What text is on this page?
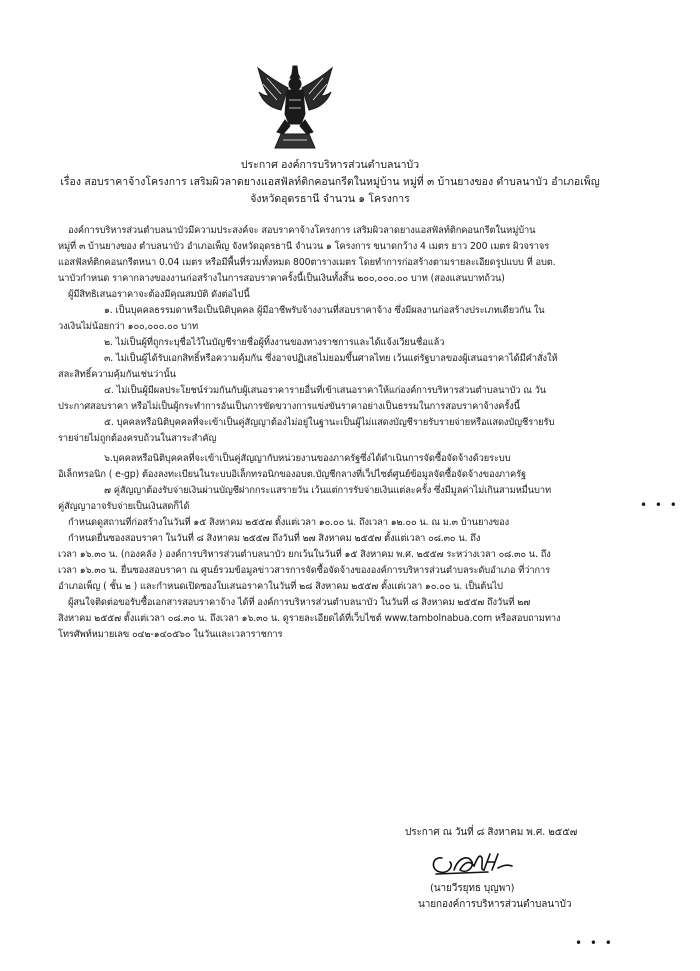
ประกาศ องค์การบริหารส่วนตำบลนาบัว
เรื่อง สอบราคาจ้างโครงการ เสริมผิวลาดยางแอสฟัลท์ติกคอนกรีตในหมู่บ้าน หมู่ที่ ๓ บ้านยางของ ตำบลนาบัว อำเภอเพ็ญ
จังหวัดอุดรธานี จำนวน ๑ โครงการ
องค์การบริหารส่วนตำบลนาบัวมีความประสงค์จะ สอบราคาจ้างโครงการ เสริมผิวลาดยางแอสฟัลท์ติกคอนกรีตในหมู่บ้าน
หมู่ที่ ๓ บ้านยางของ ตำบลนาบัว อำเภอเพ็ญ จังหวัดอุดรธานี จำนวน ๑ โครงการ ขนาดกว้าง 4 เมตร ยาว 200 เมตร ผิวจราจร
แอสฟัลท์ติกคอนกรีตหนา 0.04 เมตร หรือมีพื้นที่รวมทั้งหมด 800ตารางเมตร โดยทำการก่อสร้างตามรายละเอียดรูปแบบ ที่ อบต.
นาบัวกำหนด ราคากลางของงานก่อสร้างในการสอบราคาครั้งนี้เป็นเงินทั้งสิ้น ๒๐๐,๐๐๐.๐๐ บาท (สองแสนบาทถ้วน)
ผู้มีสิทธิเสนอราคาจะต้องมีคุณสมบัติ ดังต่อไปนี้
๑. เป็นบุคคลธรรมดาหรือเป็นนิติบุคคล ผู้มีอาชีพรับจ้างงานที่สอบราคาจ้าง ซึ่งมีผลงานก่อสร้างประเภทเดียวกัน ใน
วงเงินไม่น้อยกว่า ๑๐๐,๐๐๐.๐๐ บาท
๒. ไม่เป็นผู้ที่ถูกระบุชื่อไว้ในบัญชีรายชื่อผู้ทิ้งงานของทางราชการและได้แจ้งเวียนชื่อแล้ว
๓. ไม่เป็นผู้ได้รับเอกสิทธิ์หรือความคุ้มกัน ซึ่งอาจปฏิเสธไม่ยอมขึ้นศาลไทย เว้นแต่รัฐบาลของผู้เสนอราคาได้มีคำสั่งให้
สละสิทธิ์ความคุ้มกันเช่นว่านั้น
๔. ไม่เป็นผู้มีผลประโยชน์ร่วมกันกับผู้เสนอราคารายอื่นที่เข้าเสนอราคาให้แก่องค์การบริหารส่วนตำบลนาบัว ณ วัน
ประกาศสอบราคา หรือไม่เป็นผู้กระทำการอันเป็นการขัดขวางการแข่งขันราคาอย่างเป็นธรรมในการสอบราคาจ้างครั้งนี้
๕. บุคคลหรือนิติบุคคลที่จะเข้าเป็นคู่สัญญาต้องไม่อยู่ในฐานะเป็นผู้ไม่แสดงบัญชีรายรับรายจ่ายหรือแสดงบัญชีรายรับ
รายจ่ายไม่ถูกต้องครบถ้วนในสาระสำคัญ
๖.บุคคลหรือนิติบุคคลที่จะเข้าเป็นคู่สัญญากับหน่วยงานของภาครัฐซึ่งได้ดำเนินการจัดซื้อจัดจ้างด้วยระบบ
อิเล็กทรอนิก ( e-gp) ต้องลงทะเบียนในระบบอิเล็กทรอนิกของอบต.บัญชีกลางที่เว็ปไซต์ศูนย์ข้อมูลจัดซื้อจัดจ้างของภาครัฐ
๗ คู่สัญญาต้องรับจ่ายเงินผ่านบัญชีฝากกระแสรายวัน เว้นแต่การรับจ่ายเงินแต่ละครั้ง ซึ่งมีมูลค่าไม่เกินสามหมื่นบาท
คู่สัญญาอาจรับจ่ายเป็นเงินสดก็ได้
กำหนดดูสถานที่ก่อสร้างในวันที่ ๑๕ สิงหาคม ๒๕๕๗ ตั้งแต่เวลา ๑๐.๐๐ น. ถึงเวลา ๑๒.๐๐ น. ณ ม.๓ บ้านยางของ
กำหนดยื่นซองสอบราคา ในวันที่ ๘ สิงหาคม ๒๕๕๗ ถึงวันที่ ๒๗ สิงหาคม ๒๕๕๗ ตั้งแต่เวลา ๐๘.๓๐ น. ถึง
เวลา ๑๖.๓๐ น. (กองคลัง ) องค์การบริหารส่วนตำบลนาบัว ยกเว้นในวันที่ ๑๕ สิงหาคม พ.ศ. ๒๕๕๗ ระหว่างเวลา ๐๘.๓๐ น. ถึง
เวลา ๑๖.๓๐ น. ยื่นซองสอบราคา ณ ศูนย์รวมข้อมูลข่าวสารการจัดซื้อจัดจ้างขององค์การบริหารส่วนตำบลระดับอำเภอ ที่ว่าการ
อำเภอเพ็ญ ( ชั้น ๒ ) และกำหนดเปิดซองใบเสนอราคาในวันที่ ๒๘ สิงหาคม ๒๕๕๗ ตั้งแต่เวลา ๑๐.๐๐ น. เป็นต้นไป
ผู้สนใจติดต่อขอรับซื้อเอกสารสอบราคาจ้าง ได้ที่ องค์การบริหารส่วนตำบลนาบัว ในวันที่ ๘ สิงหาคม ๒๕๕๗ ถึงวันที่ ๒๗
สิงหาคม ๒๕๕๗ ตั้งแต่เวลา ๐๘.๓๐ น. ถึงเวลา ๑๖.๓๐ น. ดูรายละเอียดได้ที่เว็บไซต์ www.tambolnabua.com หรือสอบถามทาง
โทรศัพท์หมายเลข ๐๔๒-๑๔๐๕๖๐ ในวันและเวลาราชการ
ประกาศ ณ วันที่ ๘ สิงหาคม พ.ศ. ๒๕๕๗
(นายวีรยุทธ บุญพา)
นายกองค์การบริหารส่วนตำบลนาบัว
• • •
• • •
